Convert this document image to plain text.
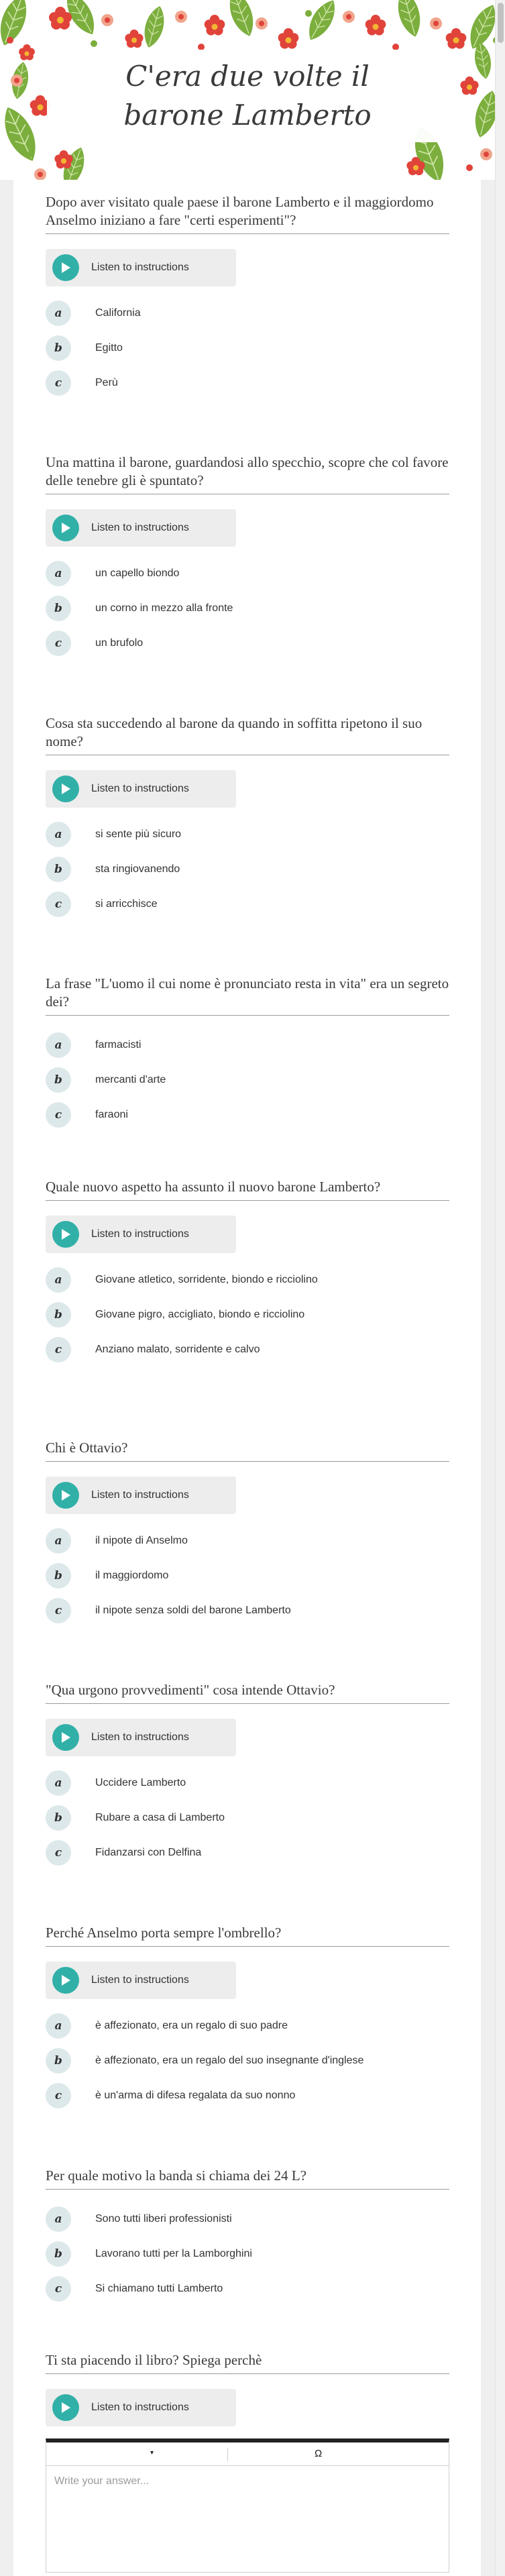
C'era due volte il barone Lamberto
Dopo aver visitato quale paese il barone Lamberto e il maggiordomo Anselmo iniziano a fare "certi esperimenti"?
Listen to instructions
a	California
b	Egitto
c	Perù
Una mattina il barone, guardandosi allo specchio, scopre che col favore delle tenebre gli è spuntato?
Listen to instructions
a	un capello biondo
b	un corno in mezzo alla fronte
c	un brufolo
Cosa sta succedendo al barone da quando in soffitta ripetono il suo nome?
Listen to instructions
a	si sente più sicuro
b	sta ringiovanendo
c	si arricchisce
La frase "L'uomo il cui nome è pronunciato resta in vita" era un segreto dei?
a	farmacisti
b	mercanti d'arte
c	faraoni
Quale nuovo aspetto ha assunto il nuovo barone Lamberto?
Listen to instructions
a	Giovane atletico, sorridente, biondo e ricciolino
b	Giovane pigro, accigliato, biondo e ricciolino
c	Anziano malato, sorridente e calvo
Chi è Ottavio?
Listen to instructions
a	il nipote di Anselmo
b	il maggiordomo
c	il nipote senza soldi del barone Lamberto
"Qua urgono provvedimenti" cosa intende Ottavio?
Listen to instructions
a	Uccidere Lamberto
b	Rubare a casa di Lamberto
c	Fidanzarsi con Delfina
Perché Anselmo porta sempre l'ombrello?
Listen to instructions
a	è affezionato, era un regalo di suo padre
b	è affezionato, era un regalo del suo insegnante d'inglese
c	è un'arma di difesa regalata da suo nonno
Per quale motivo la banda si chiama dei 24 L?
a	Sono tutti liberi professionisti
b	Lavorano tutti per la Lamborghini
c	Si chiamano tutti Lamberto
Ti sta piacendo il libro? Spiega perchè
Listen to instructions
▾	Ω
Write your answer...
